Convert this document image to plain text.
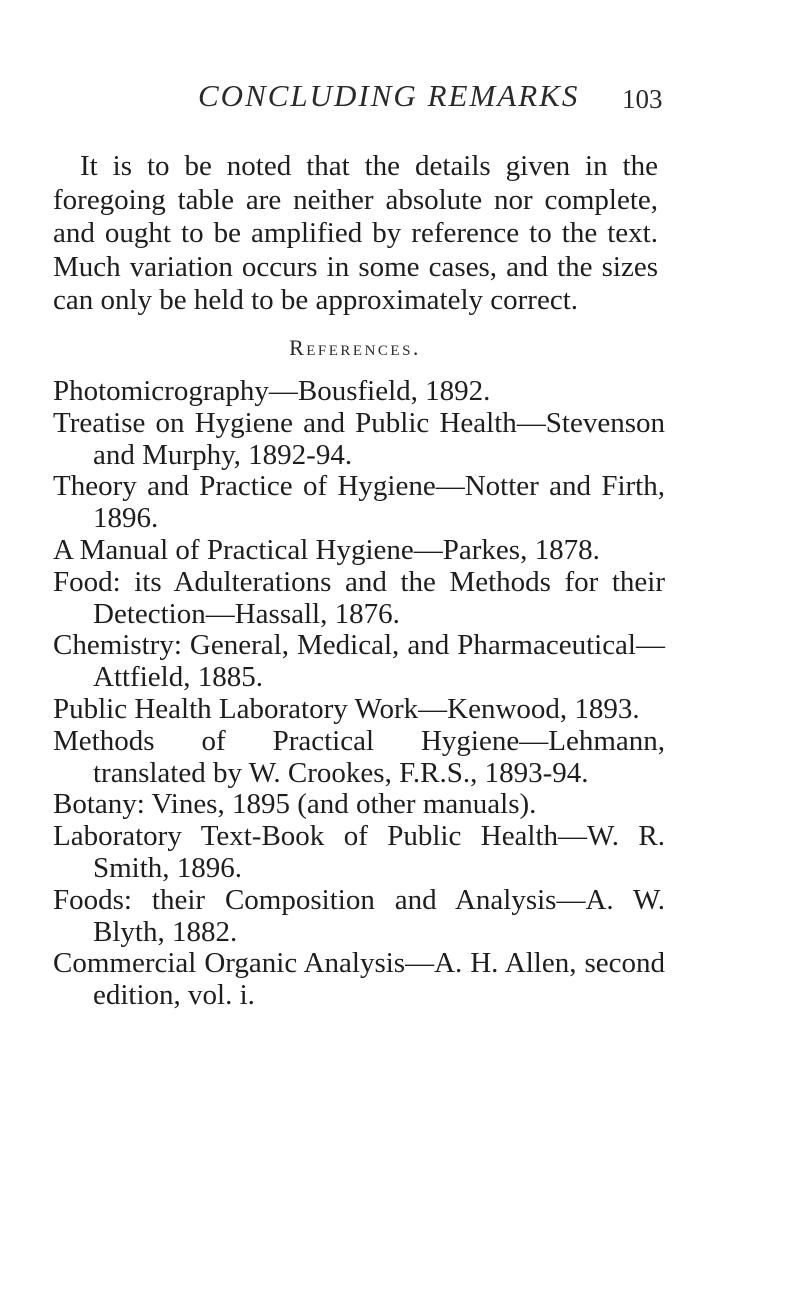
CONCLUDING REMARKS 103

It is to be noted that the details given in the foregoing table are neither absolute nor complete, and ought to be amplified by reference to the text. Much variation occurs in some cases, and the sizes can only be held to be approximately correct.

References.
Photomicrography—Bousfield, 1892.
Treatise on Hygiene and Public Health—Stevenson and Murphy, 1892-94.
Theory and Practice of Hygiene—Notter and Firth, 1896.
A Manual of Practical Hygiene—Parkes, 1878.
Food: its Adulterations and the Methods for their Detection—Hassall, 1876.
Chemistry: General, Medical, and Pharmaceutical—Attfield, 1885.
Public Health Laboratory Work—Kenwood, 1893.
Methods of Practical Hygiene—Lehmann, translated by W. Crookes, F.R.S., 1893-94.
Botany: Vines, 1895 (and other manuals).
Laboratory Text-Book of Public Health—W. R. Smith, 1896.
Foods: their Composition and Analysis—A. W. Blyth, 1882.
Commercial Organic Analysis—A. H. Allen, second edition, vol. i.
